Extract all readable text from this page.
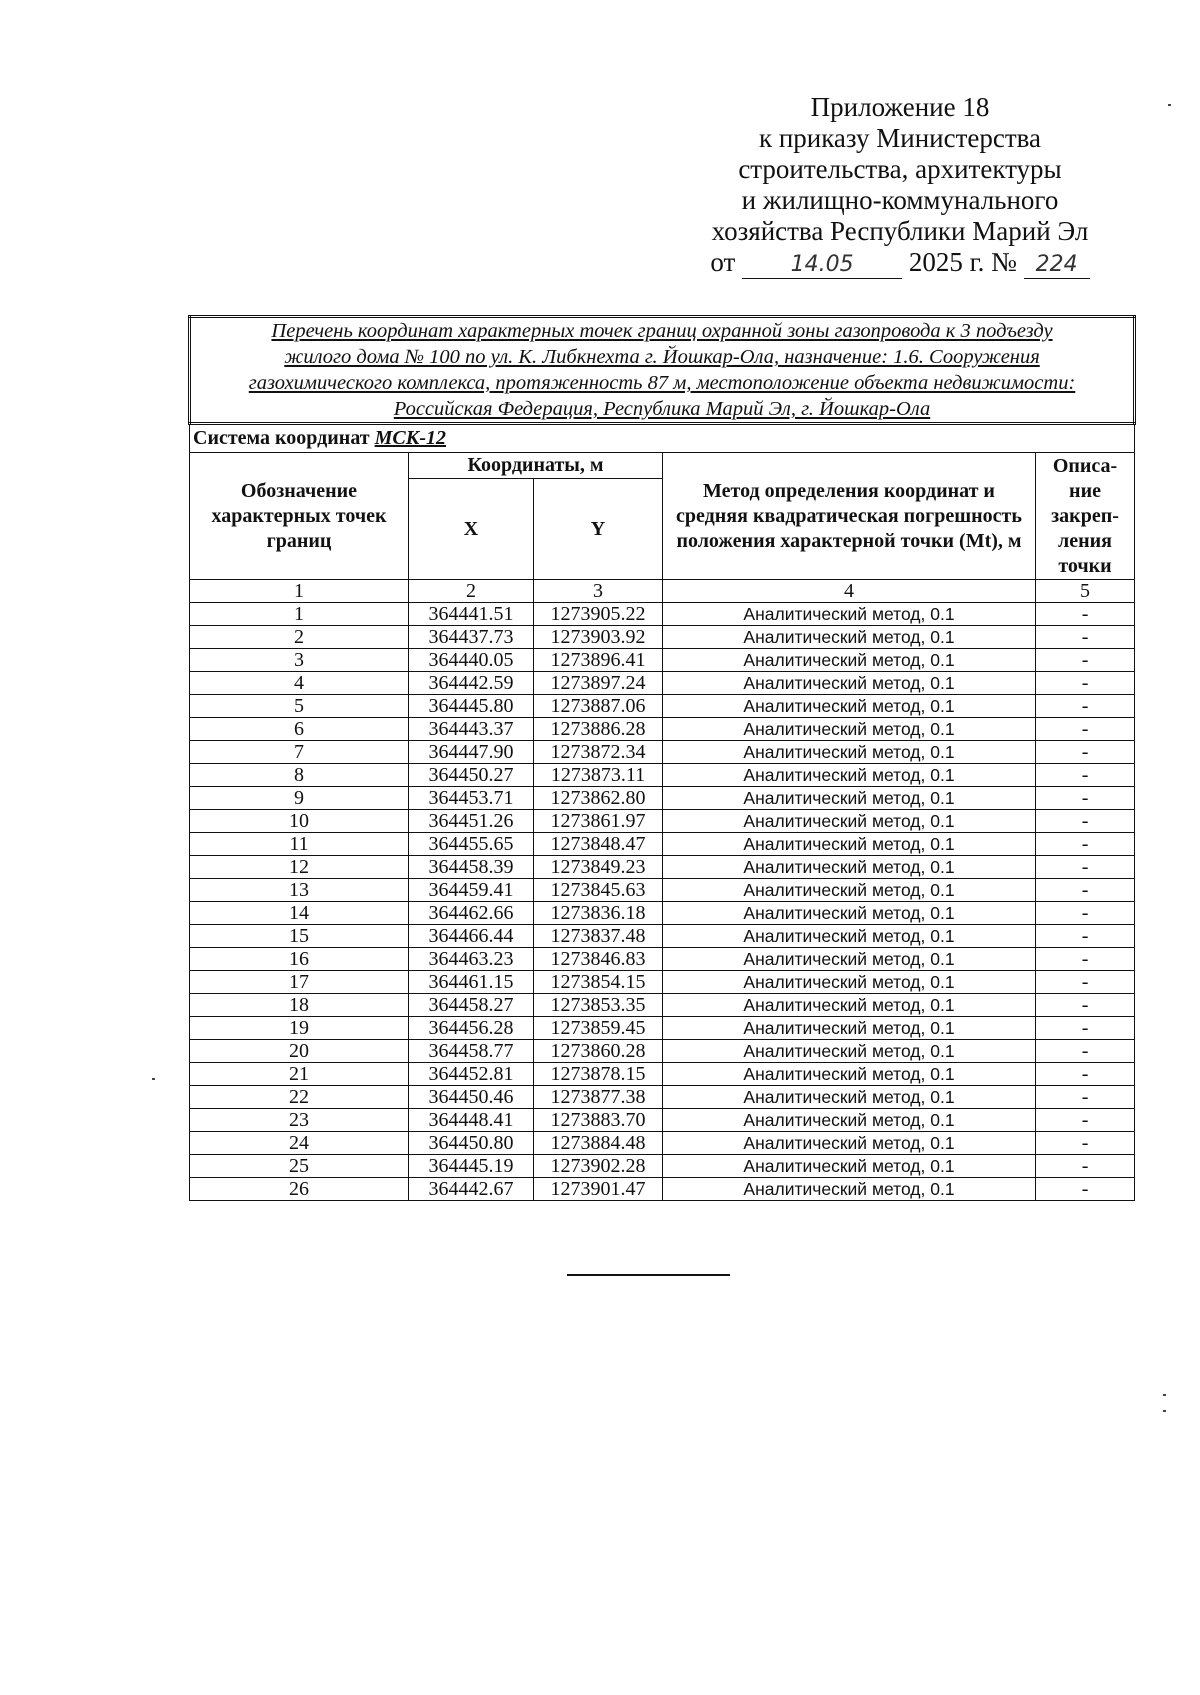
Приложение 18
к приказу Министерства
строительства, архитектуры
и жилищно-коммунального
хозяйства Республики Марий Эл
от	14.05 2025 г. № 224
Перечень координат характерных точек границ охранной зоны газопровода к 3 подъезду
жилого дома № 100 по ул. К. Либкнехта г. Йошкар-Ола, назначение: 1.6. Сооружения
газохимического комплекса, протяженность 87 м, местоположение объекта недвижимости:
Российская Федерация, Республика Марий Эл, г. Йошкар-Ола				

Система координат МСК-12				
Обозначение характерных точек границ	Координаты, м		Метод определения координат и средняя квадратическая погрешность положения характерной точки (Mt), м	Описа-ние закреп-ления точки
	X	Y		
1	2	3	4	5
1	364441.51	1273905.22	Аналитический метод, 0.1	-
2	364437.73	1273903.92	Аналитический метод, 0.1	-
3	364440.05	1273896.41	Аналитический метод, 0.1	-
4	364442.59	1273897.24	Аналитический метод, 0.1	-
5	364445.80	1273887.06	Аналитический метод, 0.1	-
6	364443.37	1273886.28	Аналитический метод, 0.1	-
7	364447.90	1273872.34	Аналитический метод, 0.1	-
8	364450.27	1273873.11	Аналитический метод, 0.1	-
9	364453.71	1273862.80	Аналитический метод, 0.1	-
10	364451.26	1273861.97	Аналитический метод, 0.1	-
11	364455.65	1273848.47	Аналитический метод, 0.1	-
12	364458.39	1273849.23	Аналитический метод, 0.1	-
13	364459.41	1273845.63	Аналитический метод, 0.1	-
14	364462.66	1273836.18	Аналитический метод, 0.1	-
15	364466.44	1273837.48	Аналитический метод, 0.1	-
16	364463.23	1273846.83	Аналитический метод, 0.1	-
17	364461.15	1273854.15	Аналитический метод, 0.1	-
18	364458.27	1273853.35	Аналитический метод, 0.1	-
19	364456.28	1273859.45	Аналитический метод, 0.1	-
20	364458.77	1273860.28	Аналитический метод, 0.1	-
21	364452.81	1273878.15	Аналитический метод, 0.1	-
22	364450.46	1273877.38	Аналитический метод, 0.1	-
23	364448.41	1273883.70	Аналитический метод, 0.1	-
24	364450.80	1273884.48	Аналитический метод, 0.1	-
25	364445.19	1273902.28	Аналитический метод, 0.1	-
26	364442.67	1273901.47	Аналитический метод, 0.1	-
